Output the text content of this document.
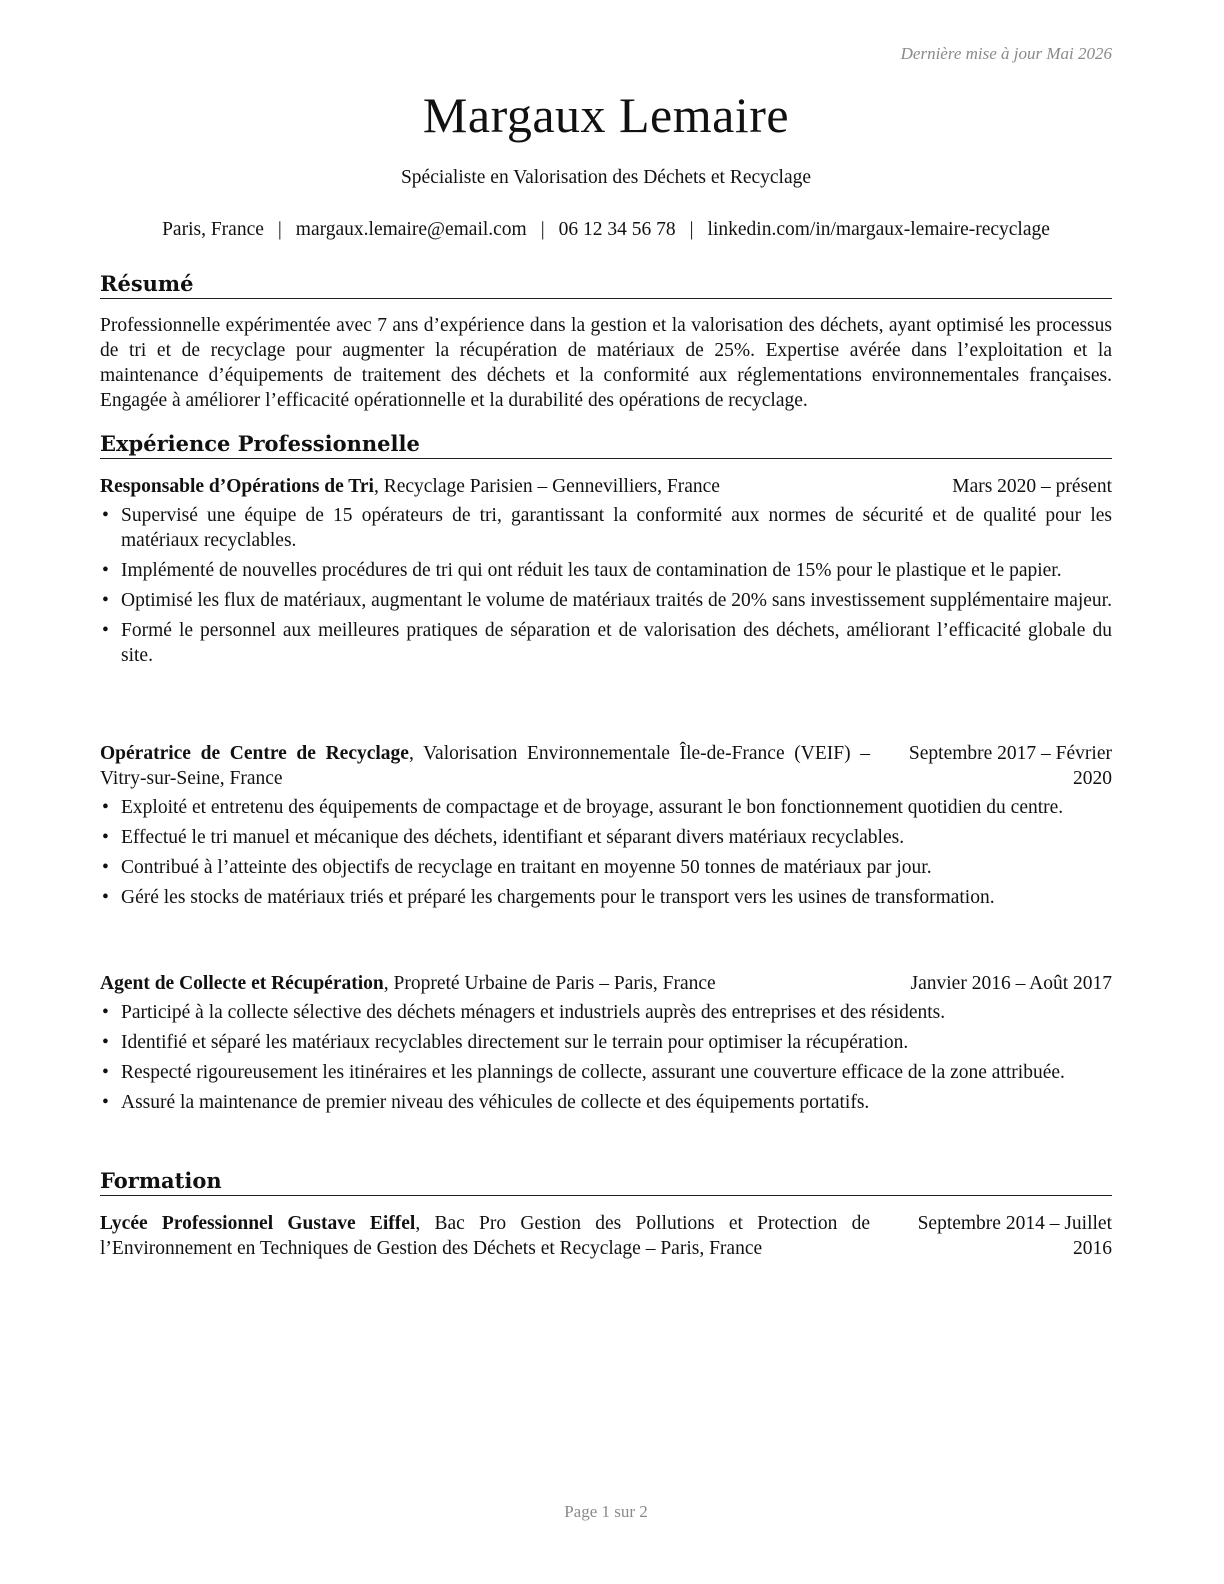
Dernière mise à jour Mai 2026
Margaux Lemaire
Spécialiste en Valorisation des Déchets et Recyclage
Paris, France | margaux.lemaire@email.com | 06 12 34 56 78 | linkedin.com/in/margaux-lemaire-recyclage
Résumé
Professionnelle expérimentée avec 7 ans d’expérience dans la gestion et la valorisation des déchets, ayant optimisé les processus de tri et de recyclage pour augmenter la récupération de matériaux de 25%. Expertise avérée dans l’exploitation et la maintenance d’équipements de traitement des déchets et la conformité aux réglementations environnementales françaises. Engagée à améliorer l’efficacité opérationnelle et la durabilité des opérations de recyclage.
Expérience Professionnelle
Responsable d’Opérations de Tri, Recyclage Parisien – Gennevilliers, France	Mars 2020 – présent
• Supervisé une équipe de 15 opérateurs de tri, garantissant la conformité aux normes de sécurité et de qualité pour les matériaux recyclables.
• Implémenté de nouvelles procédures de tri qui ont réduit les taux de contamination de 15% pour le plastique et le papier.
• Optimisé les flux de matériaux, augmentant le volume de matériaux traités de 20% sans investissement supplémentaire majeur.
• Formé le personnel aux meilleures pratiques de séparation et de valorisation des déchets, améliorant l’efficacité globale du site.
Opératrice de Centre de Recyclage, Valorisation Environnementale Île-de-France (VEIF) – Vitry-sur-Seine, France
Septembre 2017 – Février 2020
• Exploité et entretenu des équipements de compactage et de broyage, assurant le bon fonctionnement quotidien du centre.
• Effectué le tri manuel et mécanique des déchets, identifiant et séparant divers matériaux recyclables.
• Contribué à l’atteinte des objectifs de recyclage en traitant en moyenne 50 tonnes de matériaux par jour.
• Géré les stocks de matériaux triés et préparé les chargements pour le transport vers les usines de transformation.
Agent de Collecte et Récupération, Propreté Urbaine de Paris – Paris, France	Janvier 2016 – Août 2017
• Participé à la collecte sélective des déchets ménagers et industriels auprès des entreprises et des résidents.
• Identifié et séparé les matériaux recyclables directement sur le terrain pour optimiser la récupération.
• Respecté rigoureusement les itinéraires et les plannings de collecte, assurant une couverture efficace de la zone attribuée.
• Assuré la maintenance de premier niveau des véhicules de collecte et des équipements portatifs.
Formation
Lycée Professionnel Gustave Eiffel, Bac Pro Gestion des Pollutions et Protection de l’Environnement en Techniques de Gestion des Déchets et Recyclage – Paris, France
Septembre 2014 – Juillet 2016
Page 1 sur 2
